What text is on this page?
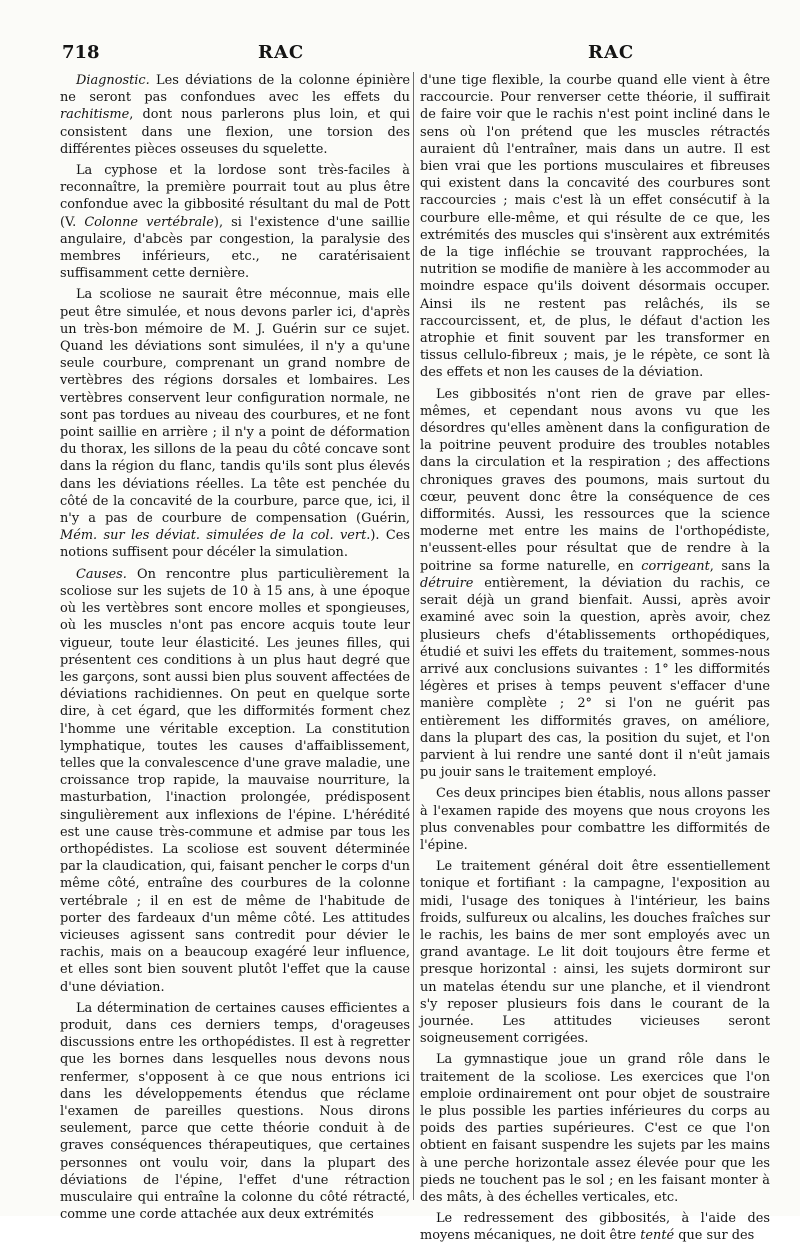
718	RAC	RAC

Diagnostic. Les déviations de la colonne épinière ne seront pas confondues avec les effets du rachitisme, dont nous parlerons plus loin, et qui consistent dans une flexion, une torsion des différentes pièces osseuses du squelette.

La cyphose et la lordose sont très-faciles à reconnaître, la première pourrait tout au plus être confondue avec la gibbosité résultant du mal de Pott (V. Colonne vertébrale), si l'existence d'une saillie angulaire, d'abcès par congestion, la paralysie des membres inférieurs, etc., ne caratérisaient suffisamment cette dernière.

La scoliose ne saurait être méconnue, mais elle peut être simulée, et nous devons parler ici, d'après un très-bon mémoire de M. J. Guérin sur ce sujet. Quand les déviations sont simulées, il n'y a qu'une seule courbure, comprenant un grand nombre de vertèbres des régions dorsales et lombaires. Les vertèbres conservent leur configuration normale, ne sont pas tordues au niveau des courbures, et ne font point saillie en arrière ; il n'y a point de déformation du thorax, les sillons de la peau du côté concave sont dans la région du flanc, tandis qu'ils sont plus élevés dans les déviations réelles. La tête est penchée du côté de la concavité de la courbure, parce que, ici, il n'y a pas de courbure de compensation (Guérin, Mém. sur les déviat. simulées de la col. vert.). Ces notions suffisent pour décéler la simulation.

Causes. On rencontre plus particulièrement la scoliose sur les sujets de 10 à 15 ans, à une époque où les vertèbres sont encore molles et spongieuses, où les muscles n'ont pas encore acquis toute leur vigueur, toute leur élasticité. Les jeunes filles, qui présentent ces conditions à un plus haut degré que les garçons, sont aussi bien plus souvent affectées de déviations rachidiennes. On peut en quelque sorte dire, à cet égard, que les difformités forment chez l'homme une véritable exception. La constitution lymphatique, toutes les causes d'affaiblissement, telles que la convalescence d'une grave maladie, une croissance trop rapide, la mauvaise nourriture, la masturbation, l'inaction prolongée, prédisposent singulièrement aux inflexions de l'épine. L'hérédité est une cause très-commune et admise par tous les orthopédistes. La scoliose est souvent déterminée par la claudication, qui, faisant pencher le corps d'un même côté, entraîne des courbures de la colonne vertébrale ; il en est de même de l'habitude de porter des fardeaux d'un même côté. Les attitudes vicieuses agissent sans contredit pour dévier le rachis, mais on a beaucoup exagéré leur influence, et elles sont bien souvent plutôt l'effet que la cause d'une déviation.

La détermination de certaines causes efficientes a produit, dans ces derniers temps, d'orageuses discussions entre les orthopédistes. Il est à regretter que les bornes dans lesquelles nous devons nous renfermer, s'opposent à ce que nous entrions ici dans les développements étendus que réclame l'examen de pareilles questions. Nous dirons seulement, parce que cette théorie conduit à de graves conséquences thérapeutiques, que certaines personnes ont voulu voir, dans la plupart des déviations de l'épine, l'effet d'une rétraction musculaire qui entraîne la colonne du côté rétracté, comme une corde attachée aux deux extrémités

d'une tige flexible, la courbe quand elle vient à être raccourcie. Pour renverser cette théorie, il suffirait de faire voir que le rachis n'est point incliné dans le sens où l'on prétend que les muscles rétractés auraient dû l'entraîner, mais dans un autre. Il est bien vrai que les portions musculaires et fibreuses qui existent dans la concavité des courbures sont raccourcies ; mais c'est là un effet consécutif à la courbure elle-même, et qui résulte de ce que, les extrémités des muscles qui s'insèrent aux extrémités de la tige infléchie se trouvant rapprochées, la nutrition se modifie de manière à les accommoder au moindre espace qu'ils doivent désormais occuper. Ainsi ils ne restent pas relâchés, ils se raccourcissent, et, de plus, le défaut d'action les atrophie et finit souvent par les transformer en tissus cellulo-fibreux ; mais, je le répète, ce sont là des effets et non les causes de la déviation.

Les gibbosités n'ont rien de grave par elles-mêmes, et cependant nous avons vu que les désordres qu'elles amènent dans la configuration de la poitrine peuvent produire des troubles notables dans la circulation et la respiration ; des affections chroniques graves des poumons, mais surtout du cœur, peuvent donc être la conséquence de ces difformités. Aussi, les ressources que la science moderne met entre les mains de l'orthopédiste, n'eussent-elles pour résultat que de rendre à la poitrine sa forme naturelle, en corrigeant, sans la détruire entièrement, la déviation du rachis, ce serait déjà un grand bienfait. Aussi, après avoir examiné avec soin la question, après avoir, chez plusieurs chefs d'établissements orthopédiques, étudié et suivi les effets du traitement, sommes-nous arrivé aux conclusions suivantes : 1° les difformités légères et prises à temps peuvent s'effacer d'une manière complète ; 2° si l'on ne guérit pas entièrement les difformités graves, on améliore, dans la plupart des cas, la position du sujet, et l'on parvient à lui rendre une santé dont il n'eût jamais pu jouir sans le traitement employé.

Ces deux principes bien établis, nous allons passer à l'examen rapide des moyens que nous croyons les plus convenables pour combattre les difformités de l'épine.

Le traitement général doit être essentiellement tonique et fortifiant : la campagne, l'exposition au midi, l'usage des toniques à l'intérieur, les bains froids, sulfureux ou alcalins, les douches fraîches sur le rachis, les bains de mer sont employés avec un grand avantage. Le lit doit toujours être ferme et presque horizontal : ainsi, les sujets dormiront sur un matelas étendu sur une planche, et il viendront s'y reposer plusieurs fois dans le courant de la journée. Les attitudes vicieuses seront soigneusement corrigées.

La gymnastique joue un grand rôle dans le traitement de la scoliose. Les exercices que l'on emploie ordinairement ont pour objet de soustraire le plus possible les parties inférieures du corps au poids des parties supérieures. C'est ce que l'on obtient en faisant suspendre les sujets par les mains à une perche horizontale assez élevée pour que les pieds ne touchent pas le sol ; en les faisant monter à des mâts, à des échelles verticales, etc.

Le redressement des gibbosités, à l'aide des moyens mécaniques, ne doit être tenté que sur des
